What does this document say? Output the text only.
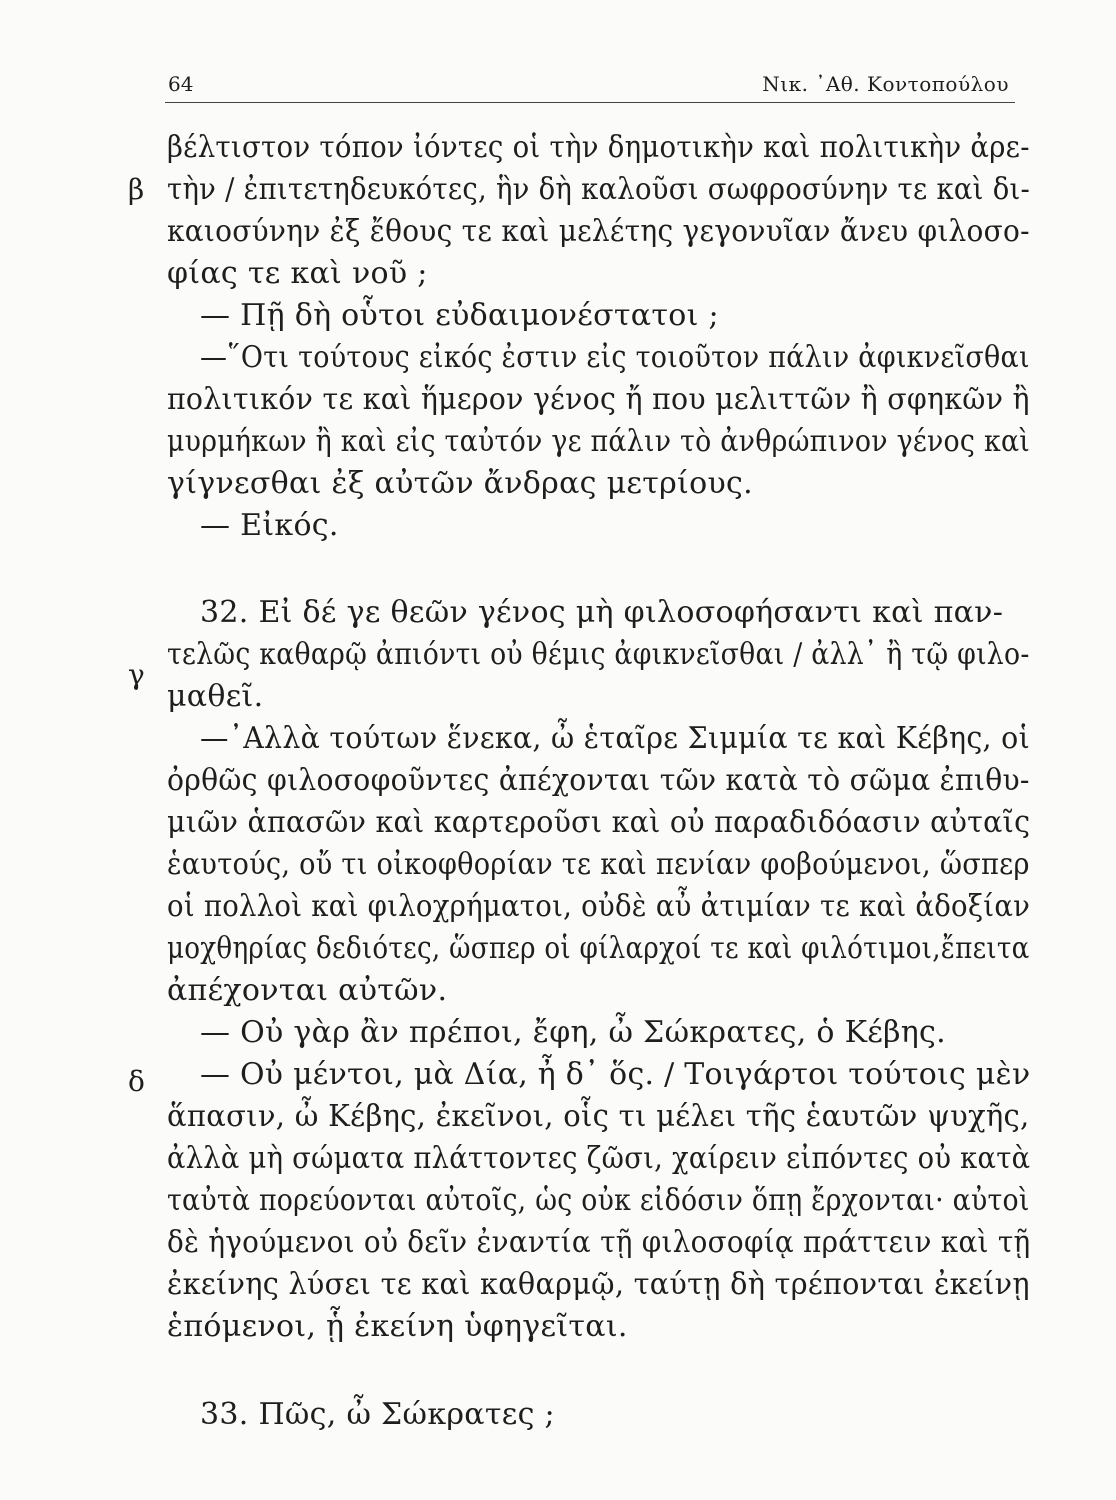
64	Νικ. ᾿Αθ. Κοντοπούλου
β
γ
δ
βέλτιστον τόπον ἰόντες οἱ τὴν δημοτικὴν καὶ πολιτικὴν ἀρε-
τὴν / ἐπιτετηδευκότες, ἣν δὴ καλοῦσι σωφροσύνην τε καὶ δι-
καιοσύνην ἐξ ἔθους τε καὶ μελέτης γεγονυῖαν ἄνευ φιλοσο-
φίας τε καὶ νοῦ ;
— Πῇ δὴ οὗτοι εὐδαιμονέστατοι ;
—῞Οτι τούτους εἰκός ἐστιν εἰς τοιοῦτον πάλιν ἀφικνεῖσθαι
πολιτικόν τε καὶ ἥμερον γένος ἤ που μελιττῶν ἢ σφηκῶν ἢ
μυρμήκων ἢ καὶ εἰς ταὐτόν γε πάλιν τὸ ἀνθρώπινον γένος καὶ
γίγνεσθαι ἐξ αὐτῶν ἄνδρας μετρίους.
— Εἰκός.
32. Εἰ δέ γε θεῶν γένος μὴ φιλοσοφήσαντι καὶ παν-
τελῶς καθαρῷ ἀπιόντι οὐ θέμις ἀφικνεῖσθαι / ἀλλ᾿ ἢ τῷ φιλο-
μαθεῖ.
—᾿Αλλὰ τούτων ἕνεκα, ὦ ἑταῖρε Σιμμία τε καὶ Κέβης, οἱ
ὀρθῶς φιλοσοφοῦντες ἀπέχονται τῶν κατὰ τὸ σῶμα ἐπιθυ-
μιῶν ἁπασῶν καὶ καρτεροῦσι καὶ οὐ παραδιδόασιν αὐταῖς
ἑαυτούς, οὔ τι οἰκοφθορίαν τε καὶ πενίαν φοβούμενοι, ὥσπερ
οἱ πολλοὶ καὶ φιλοχρήματοι, οὐδὲ αὖ ἀτιμίαν τε καὶ ἀδοξίαν
μοχθηρίας δεδιότες, ὥσπερ οἱ φίλαρχοί τε καὶ φιλότιμοι,ἔπειτα
ἀπέχονται αὐτῶν.
— Οὐ γὰρ ἂν πρέποι, ἔφη, ὦ Σώκρατες, ὁ Κέβης.
— Οὐ μέντοι, μὰ Δία, ἦ δ᾿ ὅς. / Τοιγάρτοι τούτοις μὲν
ἅπασιν, ὦ Κέβης, ἐκεῖνοι, οἷς τι μέλει τῆς ἑαυτῶν ψυχῆς,
ἀλλὰ μὴ σώματα πλάττοντες ζῶσι, χαίρειν εἰπόντες οὐ κατὰ
ταὐτὰ πορεύονται αὐτοῖς, ὡς οὐκ εἰδόσιν ὅπῃ ἔρχονται· αὐτοὶ
δὲ ἡγούμενοι οὐ δεῖν ἐναντία τῇ φιλοσοφίᾳ πράττειν καὶ τῇ
ἐκείνης λύσει τε καὶ καθαρμῷ, ταύτῃ δὴ τρέπονται ἐκείνῃ
ἑπόμενοι, ᾗ ἐκείνη ὑφηγεῖται.
33. Πῶς, ὦ Σώκρατες ;
